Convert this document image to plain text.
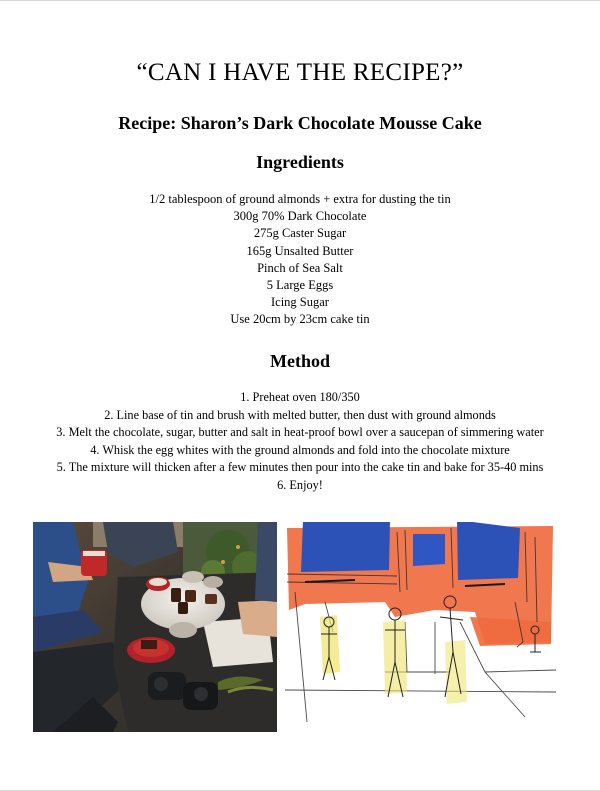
“CAN I HAVE THE RECIPE?”
Recipe: Sharon’s Dark Chocolate Mousse Cake
Ingredients
1/2 tablespoon of ground almonds + extra for dusting the tin
300g 70% Dark Chocolate
275g Caster Sugar
165g Unsalted Butter
Pinch of Sea Salt
5 Large Eggs
Icing Sugar
Use 20cm by 23cm cake tin
Method
1. Preheat oven 180/350
2. Line base of tin and brush with melted butter, then dust with ground almonds
3. Melt the chocolate, sugar, butter and salt in heat-proof bowl over a saucepan of simmering water
4. Whisk the egg whites with the ground almonds and fold into the chocolate mixture
5. The mixture will thicken after a few minutes then pour into the cake tin and bake for 35-40 mins
6. Enjoy!
